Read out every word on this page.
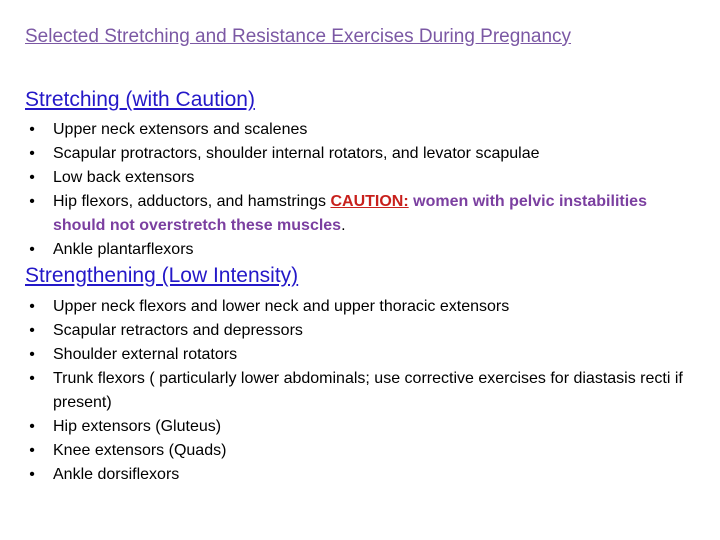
Selected Stretching and Resistance Exercises During Pregnancy
Stretching (with Caution)
• Upper neck extensors and scalenes
• Scapular protractors, shoulder internal rotators, and levator scapulae
• Low back extensors
• Hip flexors, adductors, and hamstrings CAUTION: women with pelvic instabilities should not overstretch these muscles.
• Ankle plantarflexors
Strengthening (Low Intensity)
• Upper neck flexors and lower neck and upper thoracic extensors
• Scapular retractors and depressors
• Shoulder external rotators
• Trunk flexors ( particularly lower abdominals; use corrective exercises for diastasis recti if present)
• Hip extensors (Gluteus)
• Knee extensors (Quads)
• Ankle dorsiflexors
